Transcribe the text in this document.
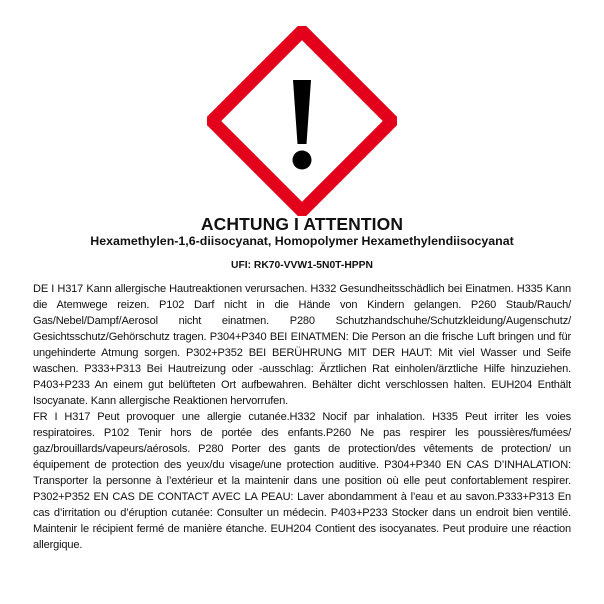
ACHTUNG I ATTENTION
Hexamethylen-1,6-diisocyanat, Homopolymer Hexamethylendiisocyanat
UFI: RK70-VVW1-5N0T-HPPN

DE I H317 Kann allergische Hautreaktionen verursachen. H332 Gesundheitsschädlich bei Einatmen. H335 Kann die Atemwege reizen. P102 Darf nicht in die Hände von Kindern gelangen. P260 Staub/Rauch/ Gas/Nebel/Dampf/Aerosol nicht einatmen. P280 Schutzhandschuhe/Schutzkleidung/Augenschutz/ Gesichtsschutz/Gehörschutz tragen. P304+P340 BEI EINATMEN: Die Person an die frische Luft bringen und für ungehinderte Atmung sorgen. P302+P352 BEI BERÜHRUNG MIT DER HAUT: Mit viel Wasser und Seife waschen. P333+P313 Bei Hautreizung oder -ausschlag: Ärztlichen Rat einholen/ärztliche Hilfe hinzuziehen. P403+P233 An einem gut belüfteten Ort aufbewahren. Behälter dicht verschlossen halten. EUH204 Enthält Isocyanate. Kann allergische Reaktionen hervorrufen.

FR I H317 Peut provoquer une allergie cutanée.H332 Nocif par inhalation. H335 Peut irriter les voies respiratoires. P102 Tenir hors de portée des enfants.P260 Ne pas respirer les poussières/fumées/ gaz/brouillards/vapeurs/aérosols. P280 Porter des gants de protection/des vêtements de protection/ un équipement de protection des yeux/du visage/une protection auditive. P304+P340 EN CAS D’INHALATION: Transporter la personne à l’extérieur et la maintenir dans une position où elle peut confortablement respirer. P302+P352 EN CAS DE CONTACT AVEC LA PEAU: Laver abondamment à l’eau et au savon.P333+P313 En cas d’irritation ou d’éruption cutanée: Consulter un médecin. P403+P233 Stocker dans un endroit bien ventilé. Maintenir le récipient fermé de manière étanche. EUH204 Contient des isocyanates. Peut produire une réaction allergique.
